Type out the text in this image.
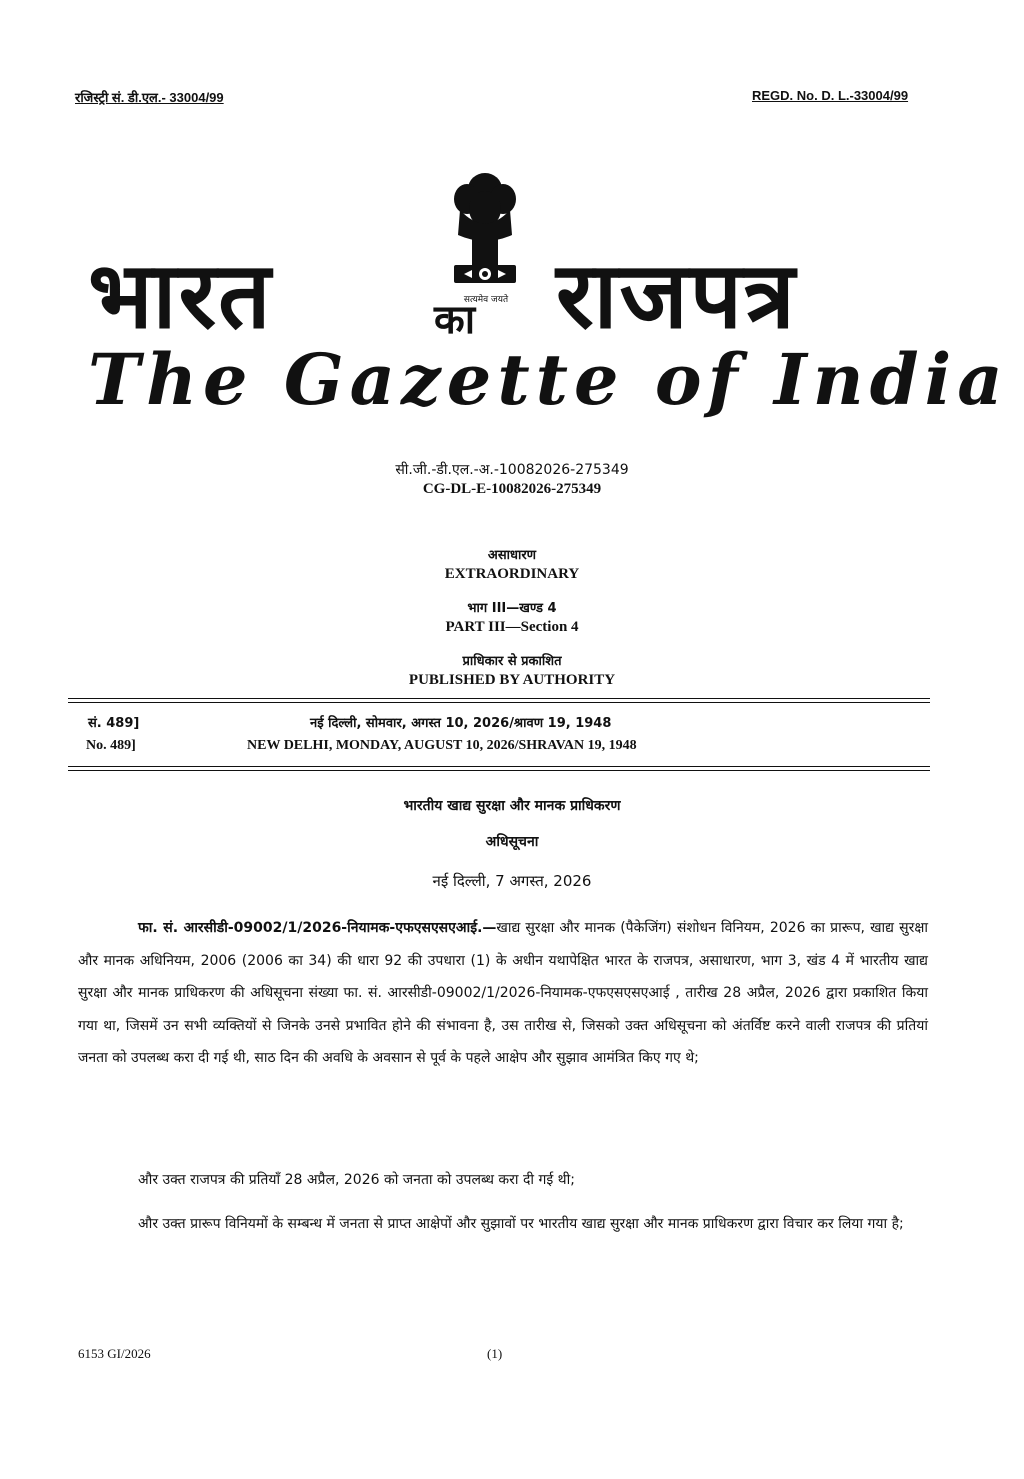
रजिस्ट्री सं. डी.एल.- 33004/99	REGD. No. D. L.-33004/99
सत्यमेव जयते
भारत	का राजपत्र
The Gazette of India
सी.जी.-डी.एल.-अ.-10082026-275349
CG-DL-E-10082026-275349
असाधारण
EXTRAORDINARY
भाग III—खण्ड 4
PART III—Section 4
प्राधिकार से प्रकाशित
PUBLISHED BY AUTHORITY
सं. 489]	नई दिल्ली, सोमवार, अगस्त 10, 2026/श्रावण 19, 1948
No. 489]	NEW DELHI, MONDAY, AUGUST 10, 2026/SHRAVAN 19, 1948
भारतीय खाद्य सुरक्षा और मानक प्राधिकरण
अधिसूचना
नई दिल्ली, 7 अगस्त, 2026

फा. सं. आरसीडी-09002/1/2026-नियामक-एफएसएसएआई.—खाद्य सुरक्षा और मानक (पैकेजिंग) संशोधन विनियम, 2026 का प्रारूप, खाद्य सुरक्षा और मानक अधिनियम, 2006 (2006 का 34) की धारा 92 की उपधारा (1) के अधीन यथापेक्षित भारत के राजपत्र, असाधारण, भाग 3, खंड 4 में भारतीय खाद्य सुरक्षा और मानक प्राधिकरण की अधिसूचना संख्या फा. सं. आरसीडी-09002/1/2026-नियामक-एफएसएसएआई , तारीख 28 अप्रैल, 2026 द्वारा प्रकाशित किया गया था, जिसमें उन सभी व्यक्तियों से जिनके उनसे प्रभावित होने की संभावना है, उस तारीख से, जिसको उक्त अधिसूचना को अंतर्विष्ट करने वाली राजपत्र की प्रतियां जनता को उपलब्ध करा दी गई थी, साठ दिन की अवधि के अवसान से पूर्व के पहले आक्षेप और सुझाव आमंत्रित किए गए थे;

और उक्त राजपत्र की प्रतियाँ 28 अप्रैल, 2026 को जनता को उपलब्ध करा दी गई थी;

और उक्त प्रारूप विनियमों के सम्बन्ध में जनता से प्राप्त आक्षेपों और सुझावों पर भारतीय खाद्य सुरक्षा और मानक प्राधिकरण द्वारा विचार कर लिया गया है;

6153 GI/2026	(1)
